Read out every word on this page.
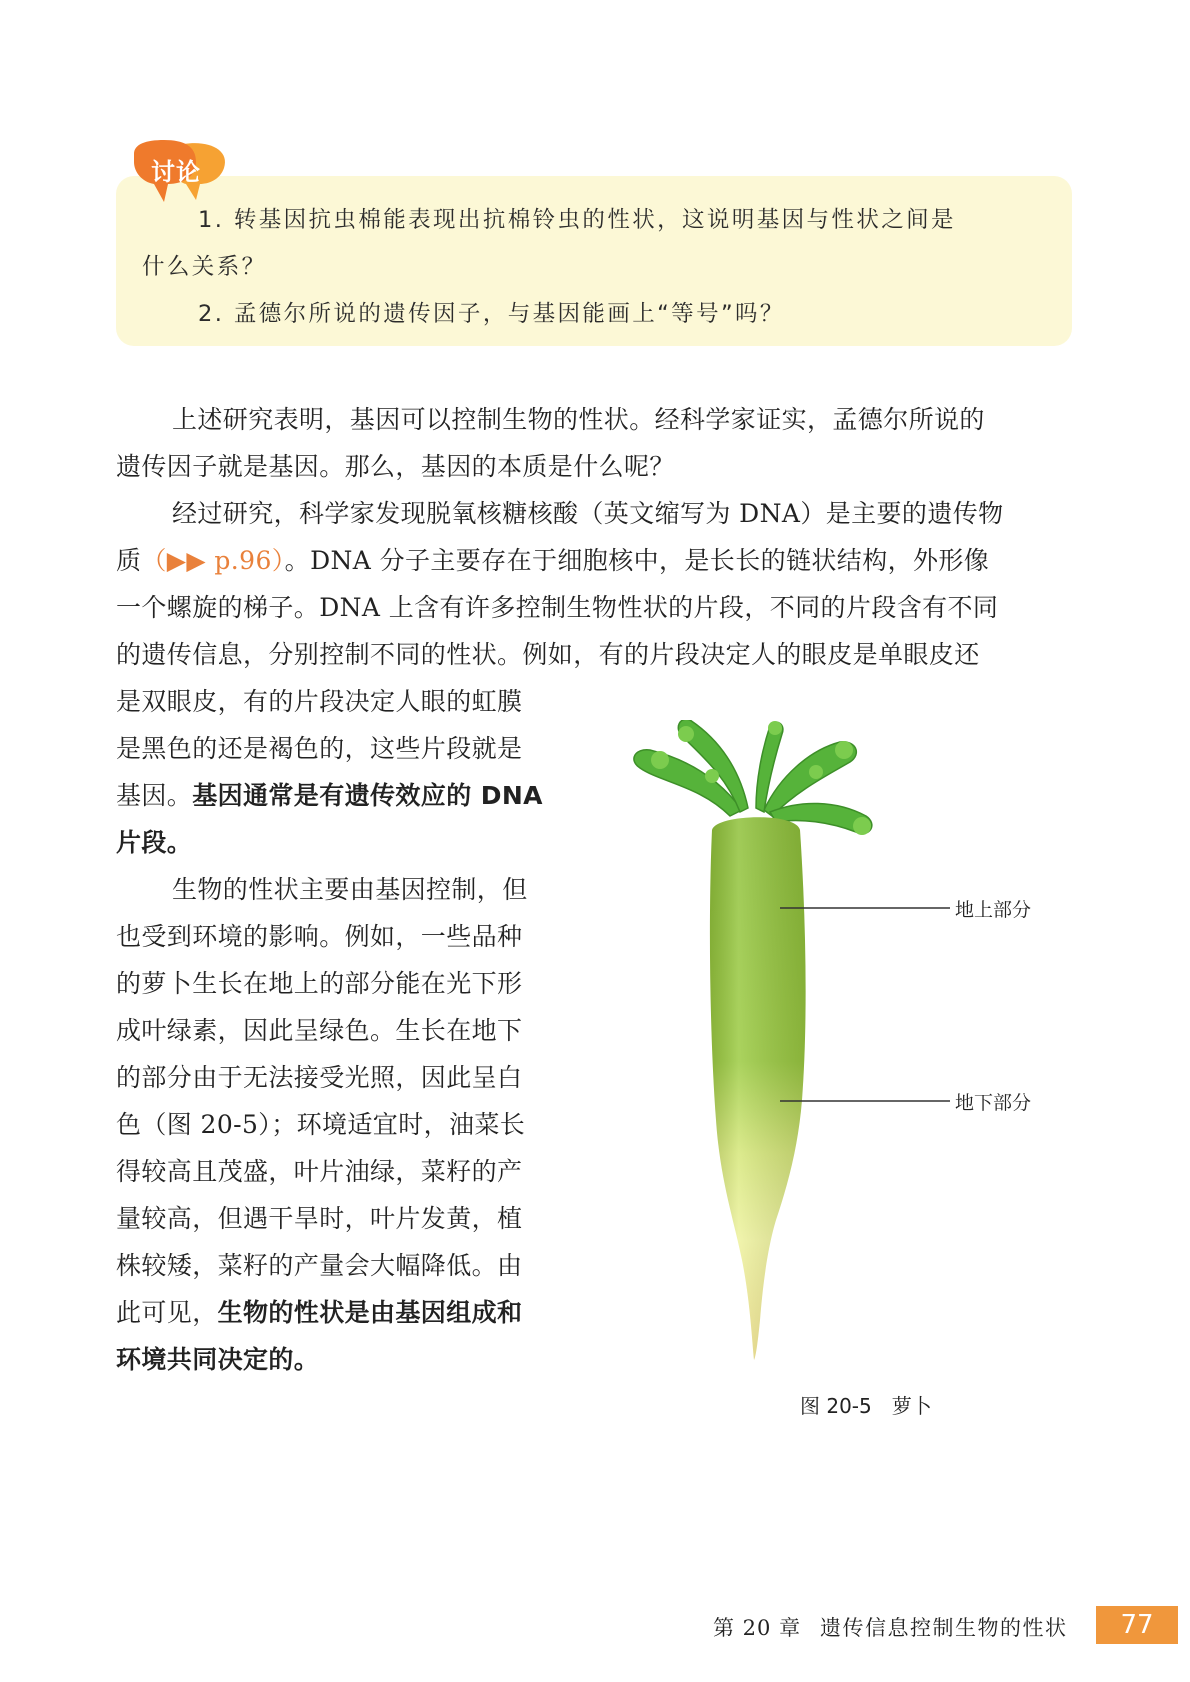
讨论
1. 转基因抗虫棉能表现出抗棉铃虫的性状，这说明基因与性状之间是
什么关系？
2. 孟德尔所说的遗传因子，与基因能画上“等号”吗？
上述研究表明，基因可以控制生物的性状。经科学家证实，孟德尔所说的
遗传因子就是基因。那么，基因的本质是什么呢？
经过研究，科学家发现脱氧核糖核酸（英文缩写为 DNA）是主要的遗传物
质（▶▶ p.96）。DNA 分子主要存在于细胞核中，是长长的链状结构，外形像
一个螺旋的梯子。DNA 上含有许多控制生物性状的片段，不同的片段含有不同
的遗传信息，分别控制不同的性状。例如，有的片段决定人的眼皮是单眼皮还
是双眼皮，有的片段决定人眼的虹膜
是黑色的还是褐色的，这些片段就是
基因。基因通常是有遗传效应的 DNA
片段。
生物的性状主要由基因控制，但
也受到环境的影响。例如，一些品种
的萝卜生长在地上的部分能在光下形
成叶绿素，因此呈绿色。生长在地下
的部分由于无法接受光照，因此呈白
色（图 20-5）；环境适宜时，油菜长
得较高且茂盛，叶片油绿，菜籽的产
量较高，但遇干旱时，叶片发黄，植
株较矮，菜籽的产量会大幅降低。由
此可见，生物的性状是由基因组成和
环境共同决定的。
地上部分
地下部分
图 20-5　萝卜
第 20 章 遗传信息控制生物的性状	77
